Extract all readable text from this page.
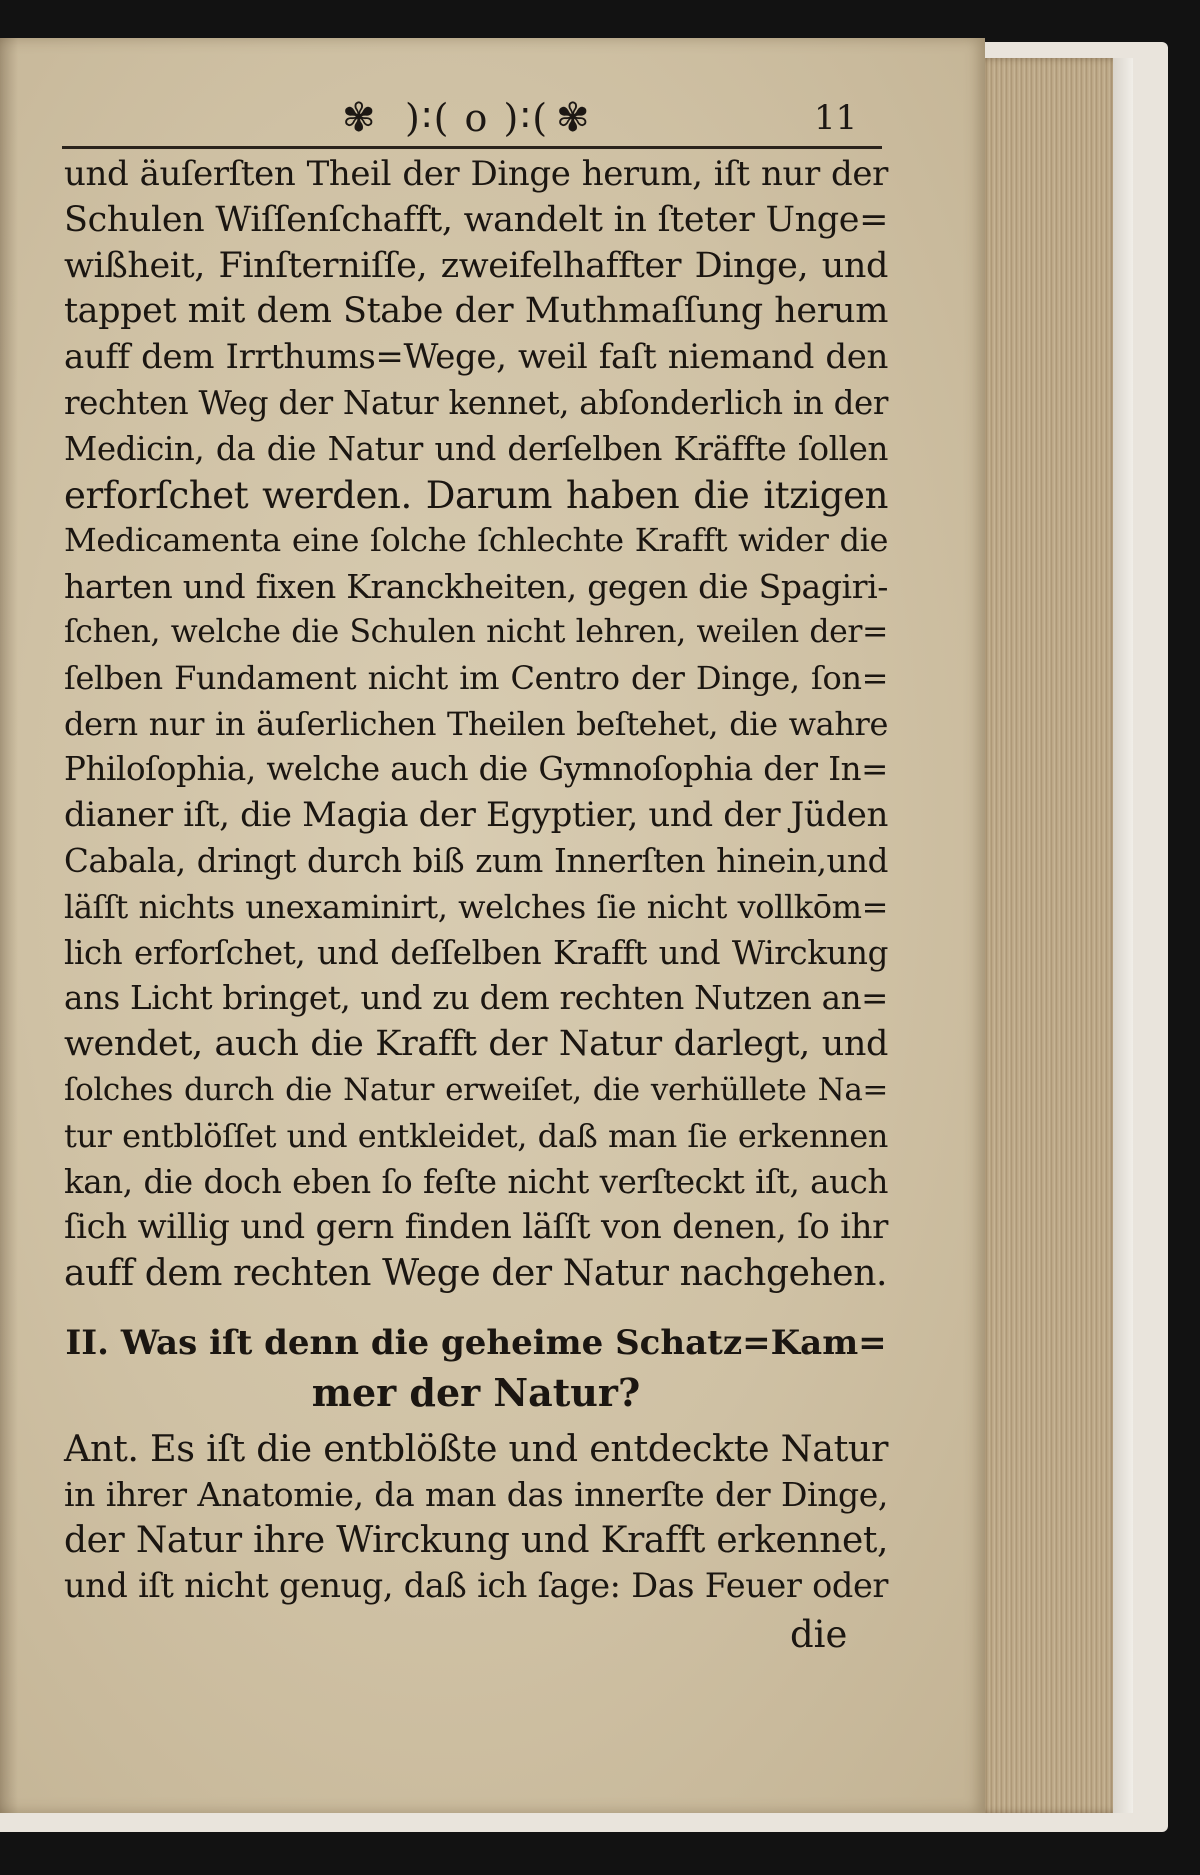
✾ )∶( o )∶( ✾	11
und äuſerſten Theil der Dinge herum, iſt nur der
Schulen Wiſſenſchafft, wandelt in ſteter Unge=
wißheit, Finſterniſſe, zweifelhaffter Dinge, und
tappet mit dem Stabe der Muthmaſſung herum
auff dem Irrthums=Wege, weil faſt niemand den
rechten Weg der Natur kennet, abſonderlich in der
Medicin, da die Natur und derſelben Kräffte ſollen
erforſchet werden. Darum haben die itzigen
Medicamenta eine ſolche ſchlechte Krafft wider die
harten und fixen Kranckheiten, gegen die Spagiri-
ſchen, welche die Schulen nicht lehren, weilen der=
ſelben Fundament nicht im Centro der Dinge, ſon=
dern nur in äuſerlichen Theilen beſtehet, die wahre
Philoſophia, welche auch die Gymnoſophia der In=
dianer iſt, die Magia der Egyptier, und der Jüden
Cabala, dringt durch biß zum Innerſten hinein,und
läſſt nichts unexaminirt, welches ſie nicht vollkōm=
lich erforſchet, und deſſelben Krafft und Wirckung
ans Licht bringet, und zu dem rechten Nutzen an=
wendet, auch die Krafft der Natur darlegt, und
ſolches durch die Natur erweiſet, die verhüllete Na=
tur entblöſſet und entkleidet, daß man ſie erkennen
kan, die doch eben ſo feſte nicht verſteckt iſt, auch
ſich willig und gern finden läſſt von denen, ſo ihr
auff dem rechten Wege der Natur nachgehen.
II. Was iſt denn die geheime Schatz=Kam=
mer der Natur?
Ant. Es iſt die entblößte und entdeckte Natur
in ihrer Anatomie, da man das innerſte der Dinge,
der Natur ihre Wirckung und Krafft erkennet,
und iſt nicht genug, daß ich ſage: Das Feuer oder
die
